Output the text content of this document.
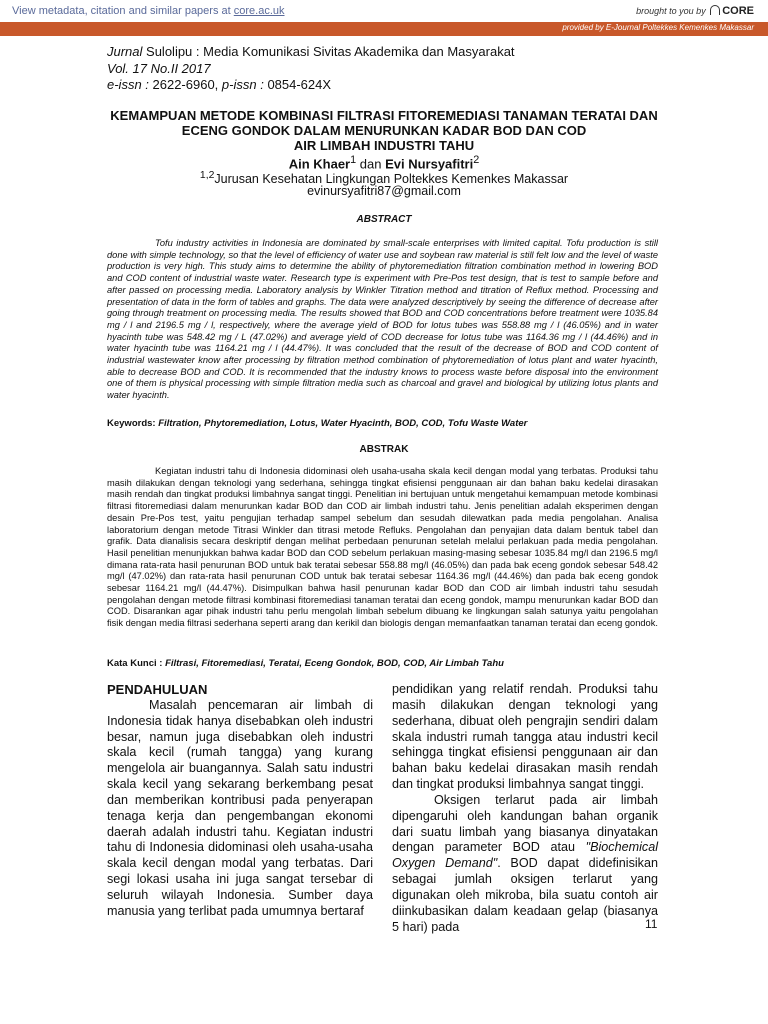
View metadata, citation and similar papers at core.ac.uk	brought to you by CORE
provided by E-Journal Poltekkes Kemenkes Makassar
Jurnal Sulolipu : Media Komunikasi Sivitas Akademika dan Masyarakat
Vol. 17 No.II 2017
e-issn : 2622-6960, p-issn : 0854-624X
KEMAMPUAN METODE KOMBINASI FILTRASI FITOREMEDIASI TANAMAN TERATAI DAN
ECENG GONDOK DALAM MENURUNKAN KADAR BOD DAN COD
AIR LIMBAH INDUSTRI TAHU
Ain Khaer$^1$ dan Evi Nursyafitri$^2$
$^{1,2}$Jurusan Kesehatan Lingkungan Poltekkes Kemenkes Makassar
evinursyafitri87@gmail.com
ABSTRACT
Tofu industry activities in Indonesia are dominated by small-scale enterprises with limited capital. Tofu production is still done with simple technology, so that the level of efficiency of water use and soybean raw material is still felt low and the level of waste production is very high. This study aims to determine the ability of phytoremediation filtration combination method in lowering BOD and COD content of industrial waste water. Research type is experiment with Pre-Pos test design, that is test to sample before and after passed on processing media. Laboratory analysis by Winkler Titration method and titration of Reflux method. Processing and presentation of data in the form of tables and graphs. The data were analyzed descriptively by seeing the difference of decrease after going through treatment on processing media. The results showed that BOD and COD concentrations before treatment were 1035.84 mg / l and 2196.5 mg / l, respectively, where the average yield of BOD for lotus tubes was 558.88 mg / l (46.05%) and in water hyacinth tube was 548.42 mg / L (47.02%) and average yield of COD decrease for lotus tube was 1164.36 mg / l (44.46%) and in water hyacinth tube was 1164.21 mg / l (44.47%). It was concluded that the result of the decrease of BOD and COD content of industrial wastewater know after processing by filtration method combination of phytoremediation of lotus plant and water hyacinth, able to decrease BOD and COD. It is recommended that the industry knows to process waste before disposal into the environment one of them is physical processing with simple filtration media such as charcoal and gravel and biological by utilizing lotus plants and water hyacinth.
Keywords: Filtration, Phytoremediation, Lotus, Water Hyacinth, BOD, COD, Tofu Waste Water
ABSTRAK
Kegiatan industri tahu di Indonesia didominasi oleh usaha-usaha skala kecil dengan modal yang terbatas. Produksi tahu masih dilakukan dengan teknologi yang sederhana, sehingga tingkat efisiensi penggunaan air dan bahan baku kedelai dirasakan masih rendah dan tingkat produksi limbahnya sangat tinggi. Penelitian ini bertujuan untuk mengetahui kemampuan metode kombinasi filtrasi fitoremediasi dalam menurunkan kadar BOD dan COD air limbah industri tahu. Jenis penelitian adalah eksperimen dengan desain Pre-Pos test, yaitu pengujian terhadap sampel sebelum dan sesudah dilewatkan pada media pengolahan. Analisa laboratorium dengan metode Titrasi Winkler dan titrasi metode Refluks. Pengolahan dan penyajian data dalam bentuk tabel dan grafik. Data dianalisis secara deskriptif dengan melihat perbedaan penurunan setelah melalui perlakuan pada media pengolahan. Hasil penelitian menunjukkan bahwa kadar BOD dan COD sebelum perlakuan masing-masing sebesar 1035.84 mg/l dan 2196.5 mg/l dimana rata-rata hasil penurunan BOD untuk bak teratai sebesar 558.88 mg/l (46.05%) dan pada bak eceng gondok sebesar 548.42 mg/l (47.02%) dan rata-rata hasil penurunan COD untuk bak teratai sebesar 1164.36 mg/l (44.46%) dan pada bak eceng gondok sebesar 1164.21 mg/l (44.47%). Disimpulkan bahwa hasil penurunan kadar BOD dan COD air limbah industri tahu sesudah pengolahan dengan metode filtrasi kombinasi fitoremediasi tanaman teratai dan eceng gondok, mampu menurunkan kadar BOD dan COD. Disarankan agar pihak industri tahu perlu mengolah limbah sebelum dibuang ke lingkungan salah satunya yaitu pengolahan fisik dengan media filtrasi sederhana seperti arang dan kerikil dan biologis dengan memanfaatkan tanaman teratai dan eceng gondok.
Kata Kunci : Filtrasi, Fitoremediasi, Teratai, Eceng Gondok, BOD, COD, Air Limbah Tahu
PENDAHULUAN
Masalah pencemaran air limbah di Indonesia tidak hanya disebabkan oleh industri besar, namun juga disebabkan oleh industri skala kecil (rumah tangga) yang kurang mengelola air buangannya. Salah satu industri skala kecil yang sekarang berkembang pesat dan memberikan kontribusi pada penyerapan tenaga kerja dan pengembangan ekonomi daerah adalah industri tahu. Kegiatan industri tahu di Indonesia didominasi oleh usaha-usaha skala kecil dengan modal yang terbatas. Dari segi lokasi usaha ini juga sangat tersebar di seluruh wilayah Indonesia. Sumber daya manusia yang terlibat pada umumnya bertaraf
pendidikan yang relatif rendah. Produksi tahu masih dilakukan dengan teknologi yang sederhana, dibuat oleh pengrajin sendiri dalam skala industri rumah tangga atau industri kecil sehingga tingkat efisiensi penggunaan air dan bahan baku kedelai dirasakan masih rendah dan tingkat produksi limbahnya sangat tinggi.
Oksigen terlarut pada air limbah dipengaruhi oleh kandungan bahan organik dari suatu limbah yang biasanya dinyatakan dengan parameter BOD atau "Biochemical Oxygen Demand". BOD dapat didefinisikan sebagai jumlah oksigen terlarut yang digunakan oleh mikroba, bila suatu contoh air diinkubasikan dalam keadaan gelap (biasanya 5 hari) pada	11
